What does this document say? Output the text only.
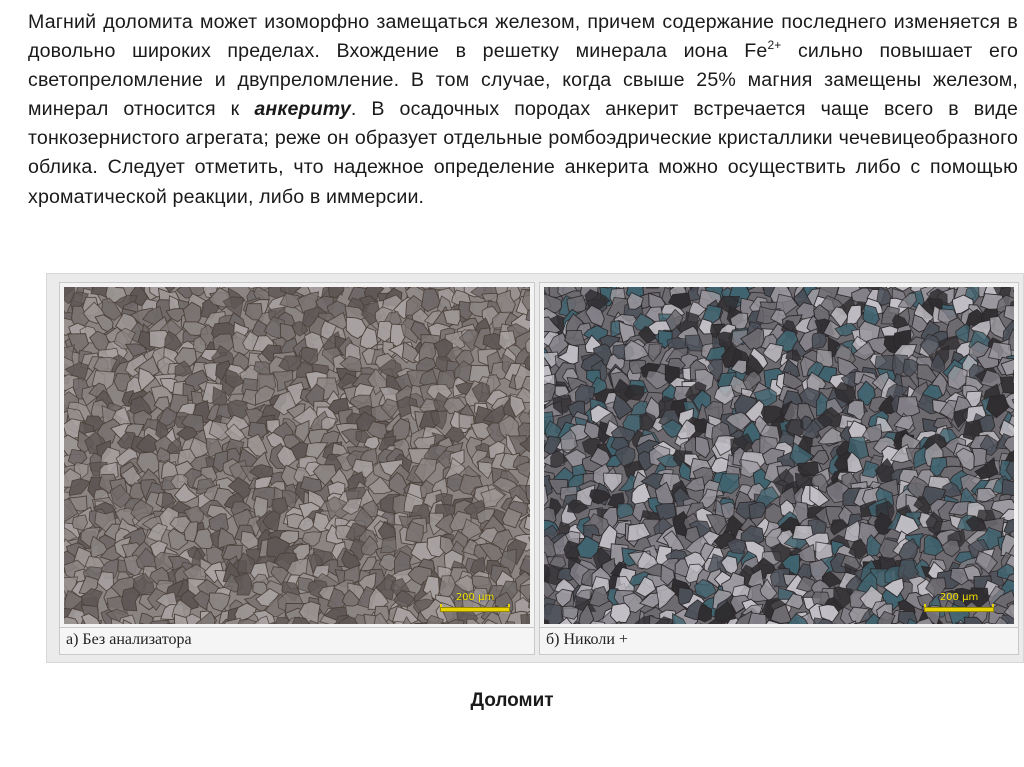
Магний доломита может изоморфно замещаться железом, причем содержание последнего изменяется в довольно широких пределах. Вхождение в решетку минерала иона $Fe^{2+}$ сильно повышает его светопреломление и двупреломление. В том случае, когда свыше 25% магния замещены железом, минерал относится к анкериту. В осадочных породах анкерит встречается чаще всего в виде тонкозернистого агрегата; реже он образует отдельные ромбоэдрические кристаллики чечевицеобразного облика. Следует отметить, что надежное определение анкерита можно осуществить либо с помощью хроматической реакции, либо в иммерсии.

200 μm
а) Без анализатора
200 μm
б) Николи +
Доломит
